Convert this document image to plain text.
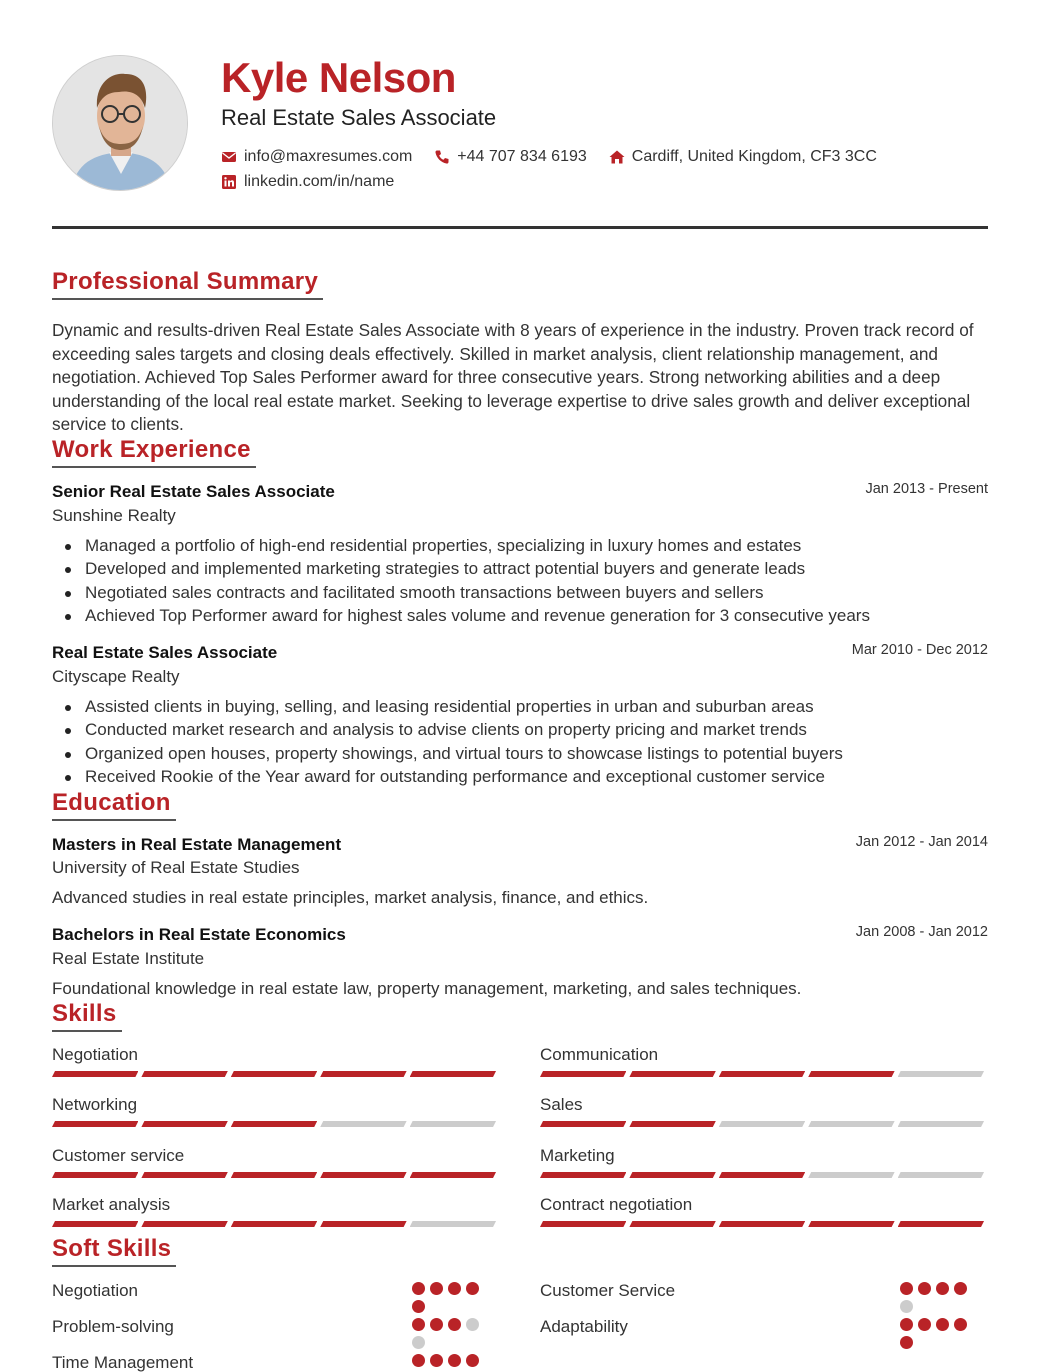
Kyle Nelson
Real Estate Sales Associate
info@maxresumes.com	+44 707 834 6193	Cardiff, United Kingdom, CF3 3CC
linkedin.com/in/name
Professional Summary

Dynamic and results-driven Real Estate Sales Associate with 8 years of experience in the industry. Proven track record of exceeding sales targets and closing deals effectively. Skilled in market analysis, client relationship management, and negotiation. Achieved Top Sales Performer award for three consecutive years. Strong networking abilities and a deep understanding of the local real estate market. Seeking to leverage expertise to drive sales growth and deliver exceptional service to clients.

Work Experience
Senior Real Estate Sales Associate	Jan 2013 - Present
Sunshine Realty
Managed a portfolio of high-end residential properties, specializing in luxury homes and estates
Developed and implemented marketing strategies to attract potential buyers and generate leads
Negotiated sales contracts and facilitated smooth transactions between buyers and sellers
Achieved Top Performer award for highest sales volume and revenue generation for 3 consecutive years
Real Estate Sales Associate	Mar 2010 - Dec 2012
Cityscape Realty
Assisted clients in buying, selling, and leasing residential properties in urban and suburban areas
Conducted market research and analysis to advise clients on property pricing and market trends
Organized open houses, property showings, and virtual tours to showcase listings to potential buyers
Received Rookie of the Year award for outstanding performance and exceptional customer service
Education
Masters in Real Estate Management	Jan 2012 - Jan 2014
University of Real Estate Studies
Advanced studies in real estate principles, market analysis, finance, and ethics.
Bachelors in Real Estate Economics	Jan 2008 - Jan 2012
Real Estate Institute
Foundational knowledge in real estate law, property management, marketing, and sales techniques.
Skills
Negotiation	Communication
Networking	Sales
Customer service	Marketing
Market analysis	Contract negotiation
Soft Skills
Negotiation	Customer Service
Problem-solving	Adaptability
Time Management
